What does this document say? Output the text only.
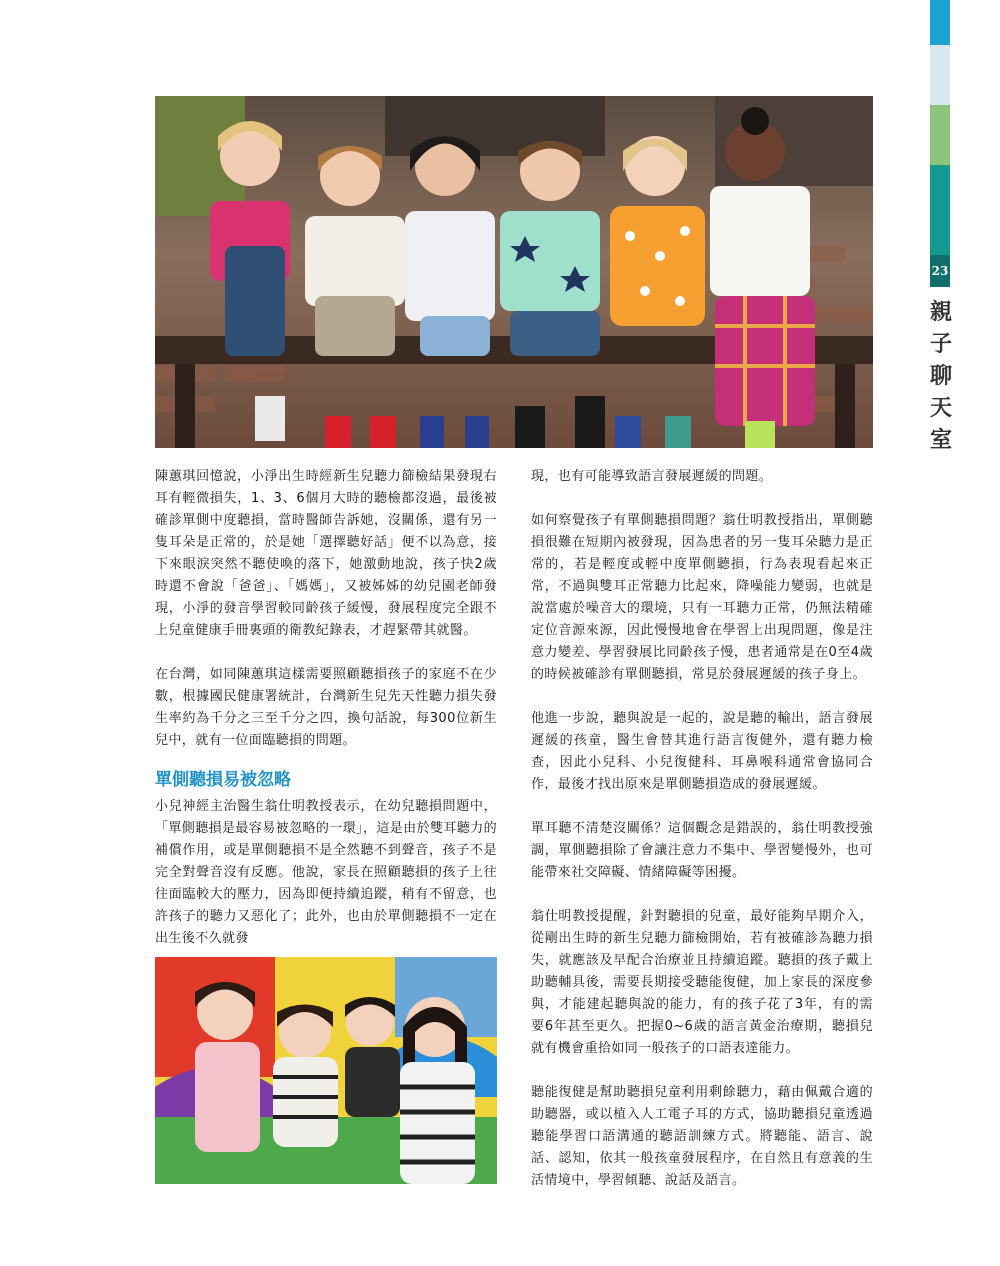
23
親子聊天室

陳蕙琪回憶說，小淨出生時經新生兒聽力篩檢結果發現右耳有輕微損失，1、3、6個月大時的聽檢都沒過，最後被確診單側中度聽損，當時醫師告訴她，沒關係，還有另一隻耳朵是正常的，於是她「選擇聽好話」便不以為意，接下來眼淚突然不聽使喚的落下，她激動地說，孩子快2歲時還不會說「爸爸」、「媽媽」，又被姊姊的幼兒園老師發現，小淨的發音學習較同齡孩子緩慢，發展程度完全跟不上兒童健康手冊裏頭的衛教紀錄表，才趕緊帶其就醫。

在台灣，如同陳蕙琪這樣需要照顧聽損孩子的家庭不在少數，根據國民健康署統計，台灣新生兒先天性聽力損失發生率約為千分之三至千分之四，換句話說，每300位新生兒中，就有一位面臨聽損的問題。

單側聽損易被忽略

小兒神經主治醫生翁仕明教授表示，在幼兒聽損問題中，「單側聽損是最容易被忽略的一環」，這是由於雙耳聽力的補償作用，或是單側聽損不是全然聽不到聲音，孩子不是完全對聲音沒有反應。他說，家長在照顧聽損的孩子上往往面臨較大的壓力，因為即便持續追蹤，稍有不留意，也許孩子的聽力又惡化了；此外，也由於單側聽損不一定在出生後不久就發

現，也有可能導致語言發展遲緩的問題。

如何察覺孩子有單側聽損問題？翁仕明教授指出，單側聽損很難在短期內被發現，因為患者的另一隻耳朵聽力是正常的，若是輕度或輕中度單側聽損，行為表現看起來正常，不過與雙耳正常聽力比起來，降噪能力變弱，也就是說當處於噪音大的環境，只有一耳聽力正常，仍無法精確定位音源來源，因此慢慢地會在學習上出現問題，像是注意力變差、學習發展比同齡孩子慢，患者通常是在0至4歲的時候被確診有單側聽損，常見於發展遲緩的孩子身上。

他進一步說，聽與說是一起的，說是聽的輸出，語言發展遲緩的孩童，醫生會替其進行語言復健外，還有聽力檢查，因此小兒科、小兒復健科、耳鼻喉科通常會協同合作，最後才找出原來是單側聽損造成的發展遲緩。

單耳聽不清楚沒關係？這個觀念是錯誤的，翁仕明教授強調，單側聽損除了會讓注意力不集中、學習變慢外，也可能帶來社交障礙、情緒障礙等困擾。

翁仕明教授提醒，針對聽損的兒童，最好能夠早期介入，從剛出生時的新生兒聽力篩檢開始，若有被確診為聽力損失，就應該及早配合治療並且持續追蹤。聽損的孩子戴上助聽輔具後，需要長期接受聽能復健，加上家長的深度參與，才能建起聽與說的能力，有的孩子花了3年，有的需要6年甚至更久。把握0~6歲的語言黃金治療期，聽損兒就有機會重拾如同一般孩子的口語表達能力。

聽能復健是幫助聽損兒童利用剩餘聽力，藉由佩戴合適的助聽器，或以植入人工電子耳的方式，協助聽損兒童透過聽能學習口語溝通的聽語訓練方式。將聽能、語言、說話、認知，依其一般孩童發展程序，在自然且有意義的生活情境中，學習傾聽、說話及語言。
